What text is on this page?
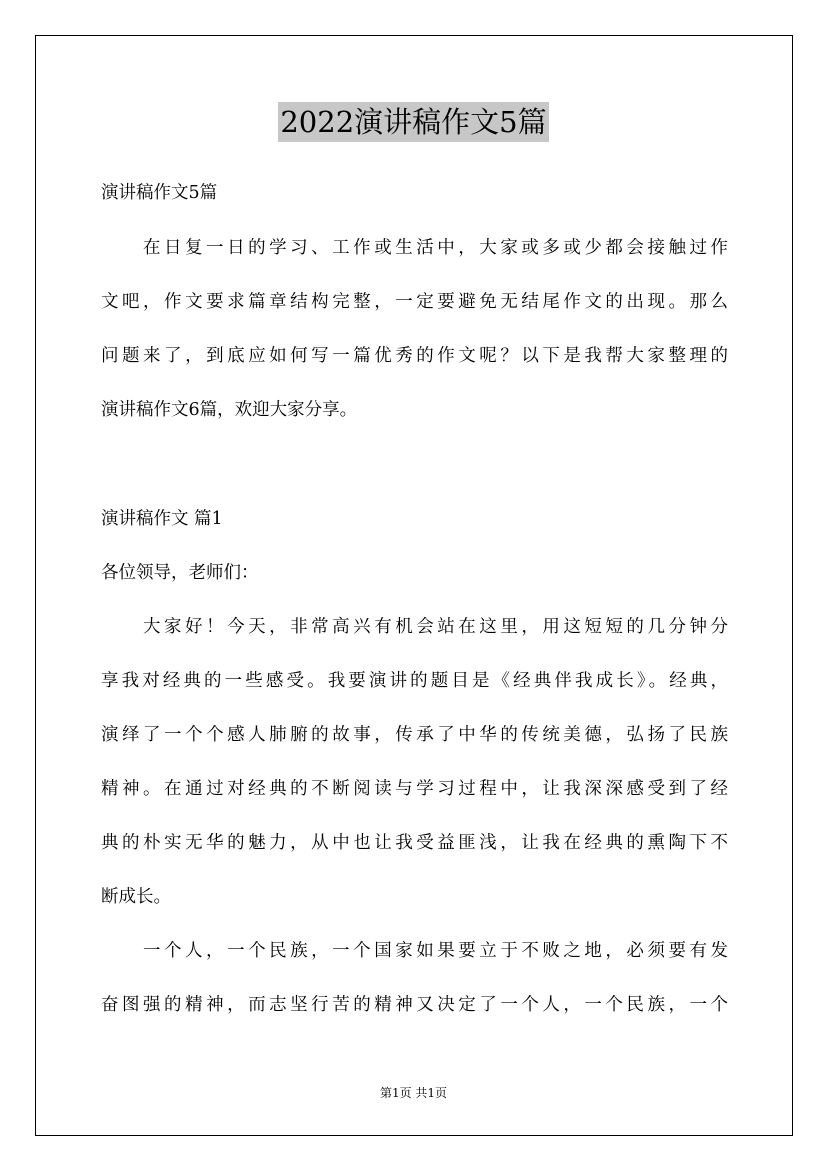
2022演讲稿作文5篇
演讲稿作文5篇
在日复一日的学习、工作或生活中，大家或多或少都会接触过作
文吧，作文要求篇章结构完整，一定要避免无结尾作文的出现。那么
问题来了，到底应如何写一篇优秀的作文呢？以下是我帮大家整理的
演讲稿作文6篇，欢迎大家分享。
演讲稿作文 篇1
各位领导，老师们：
大家好！今天，非常高兴有机会站在这里，用这短短的几分钟分
享我对经典的一些感受。我要演讲的题目是《经典伴我成长》。经典，
演绎了一个个感人肺腑的故事，传承了中华的传统美德，弘扬了民族
精神。在通过对经典的不断阅读与学习过程中，让我深深感受到了经
典的朴实无华的魅力，从中也让我受益匪浅，让我在经典的熏陶下不
断成长。
一个人，一个民族，一个国家如果要立于不败之地，必须要有发
奋图强的精神，而志坚行苦的精神又决定了一个人，一个民族，一个
第1页 共1页
